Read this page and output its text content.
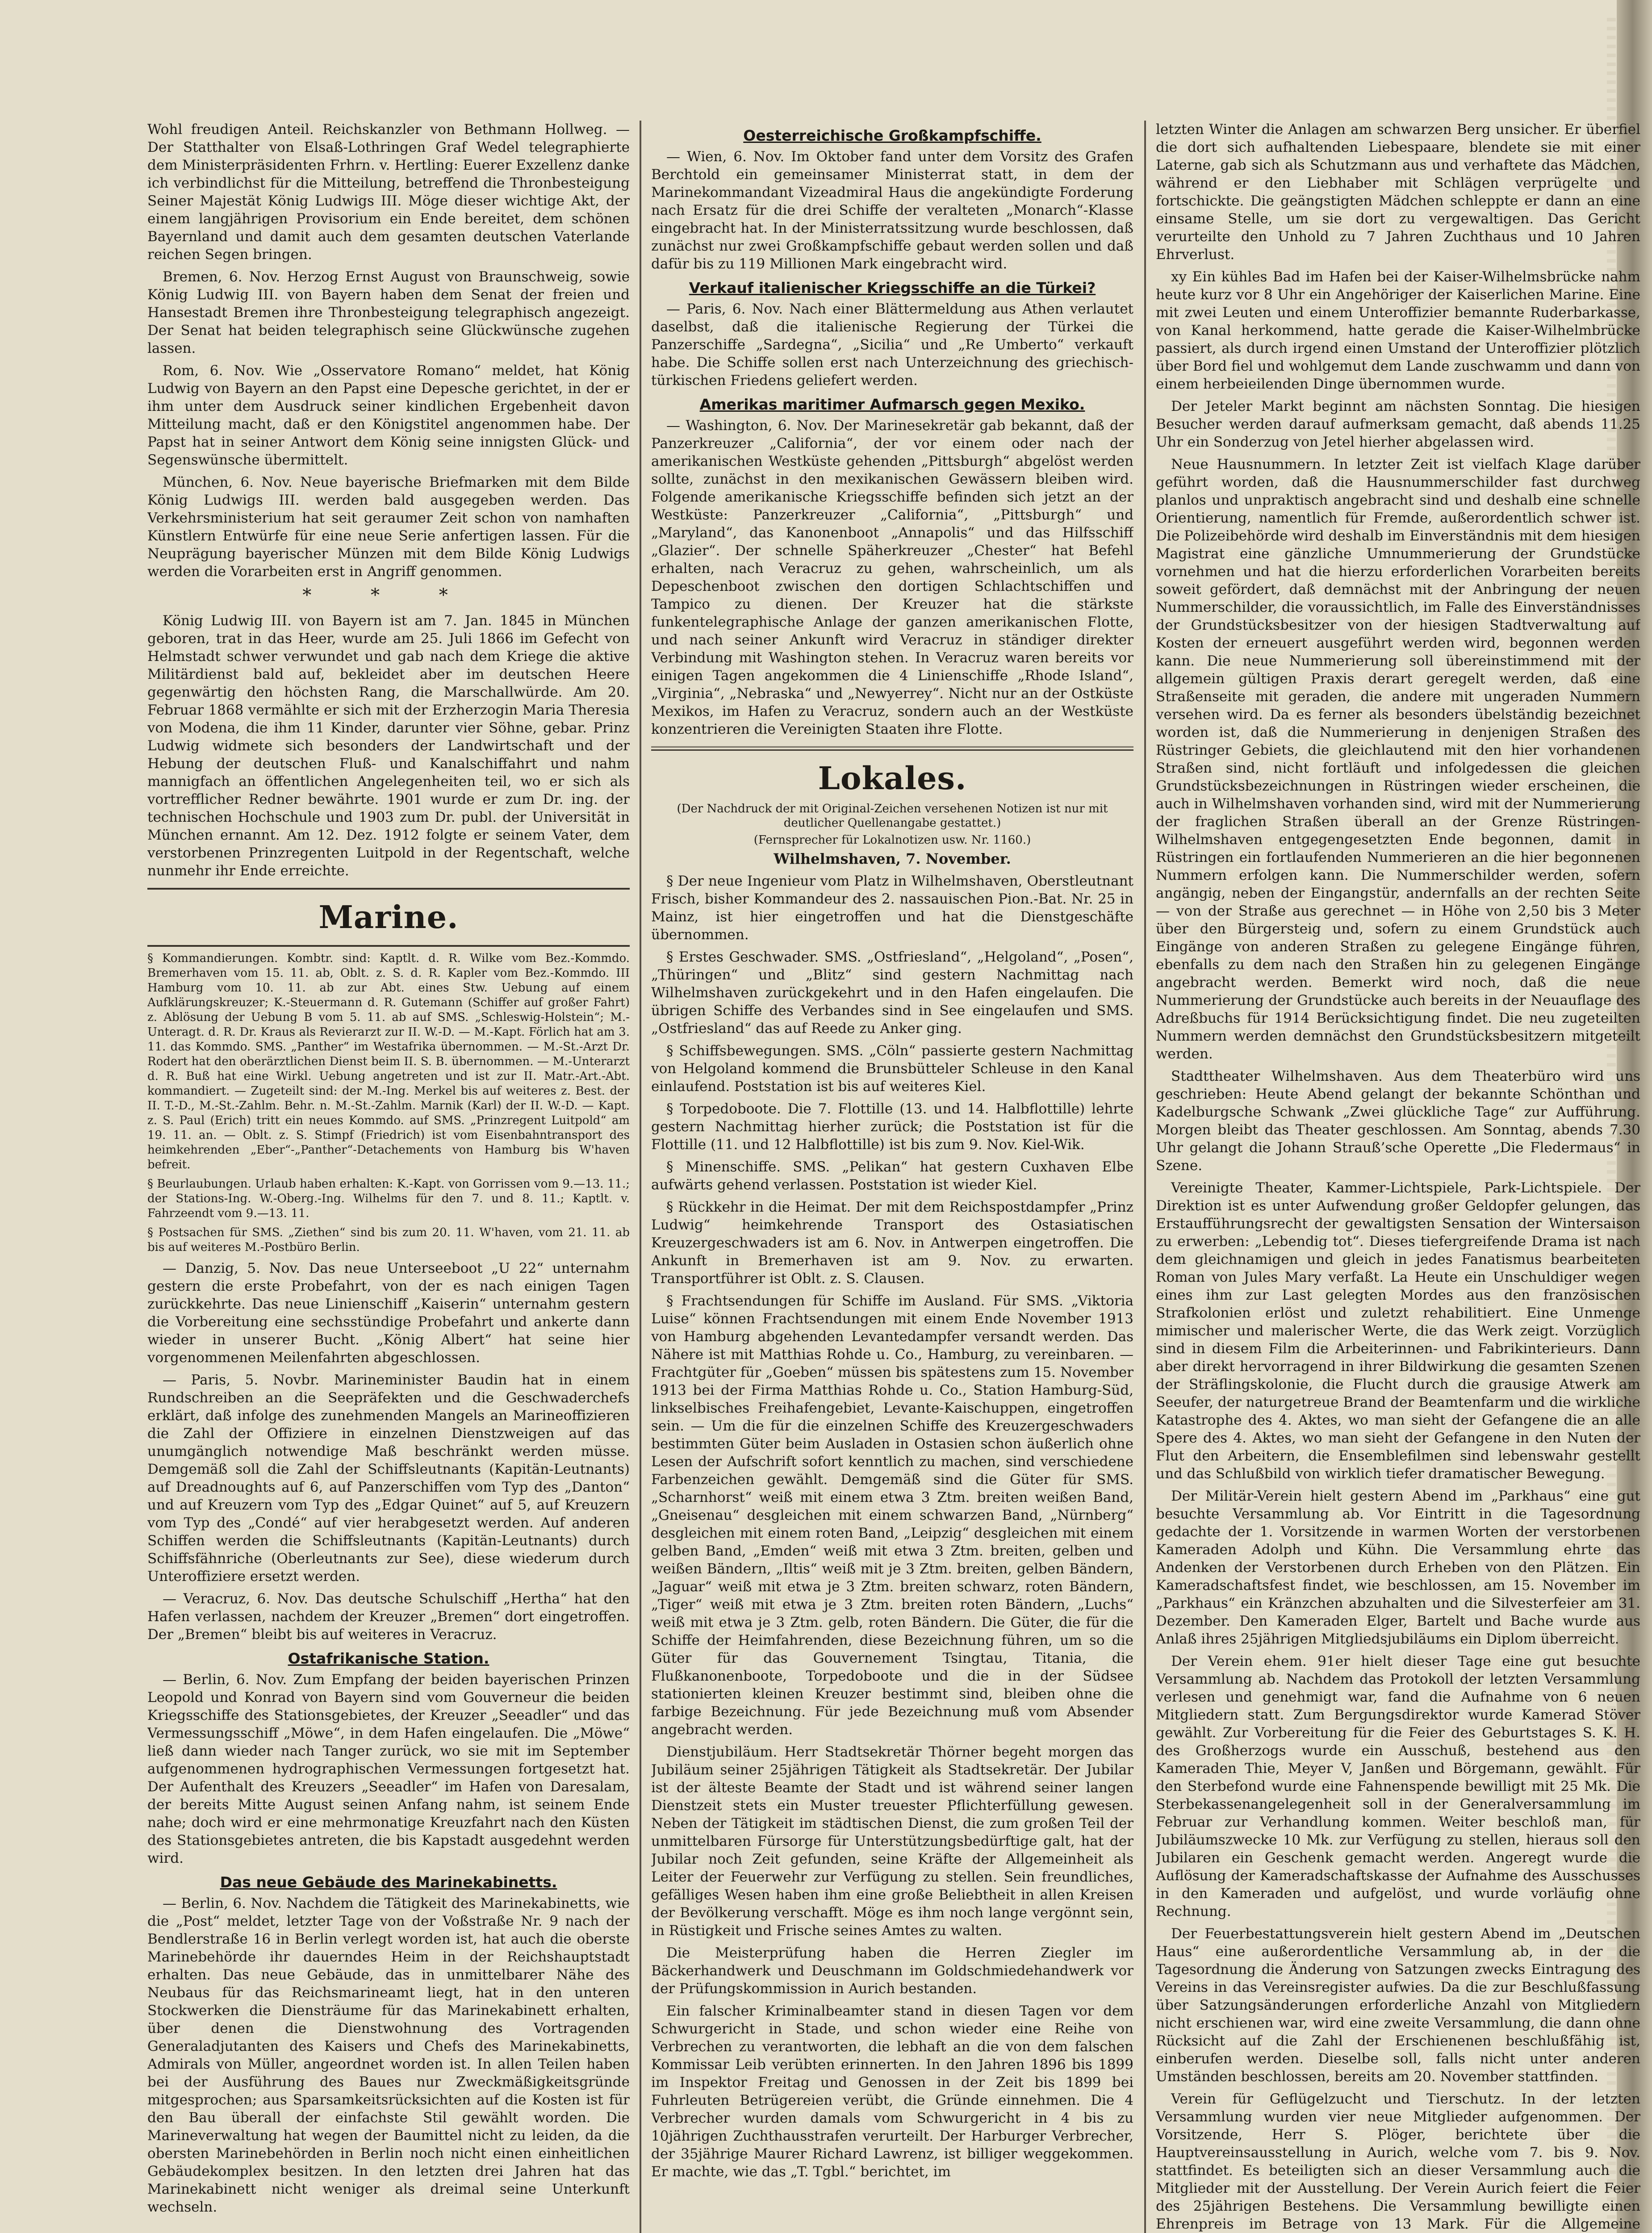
Wohl freudigen Anteil. Reichskanzler von Bethmann Hollweg. — Der Statthalter von Elsaß-Lothringen Graf Wedel telegraphierte dem Ministerpräsidenten Frhrn. v. Hertling: Euerer Exzellenz danke ich verbindlichst für die Mitteilung, betreffend die Thronbesteigung Seiner Majestät König Ludwigs III. Möge dieser wichtige Akt, der einem langjährigen Provisorium ein Ende bereitet, dem schönen Bayernland und damit auch dem gesamten deutschen Vaterlande reichen Segen bringen.

Bremen, 6. Nov. Herzog Ernst August von Braunschweig, sowie König Ludwig III. von Bayern haben dem Senat der freien und Hansestadt Bremen ihre Thronbesteigung telegraphisch angezeigt. Der Senat hat beiden telegraphisch seine Glückwünsche zugehen lassen.

Rom, 6. Nov. Wie „Osservatore Romano“ meldet, hat König Ludwig von Bayern an den Papst eine Depesche gerichtet, in der er ihm unter dem Ausdruck seiner kindlichen Ergebenheit davon Mitteilung macht, daß er den Königstitel angenommen habe. Der Papst hat in seiner Antwort dem König seine innigsten Glück- und Segenswünsche übermittelt.

München, 6. Nov. Neue bayerische Briefmarken mit dem Bilde König Ludwigs III. werden bald ausgegeben werden. Das Verkehrsministerium hat seit geraumer Zeit schon von namhaften Künstlern Entwürfe für eine neue Serie anfertigen lassen. Für die Neuprägung bayerischer Münzen mit dem Bilde König Ludwigs werden die Vorarbeiten erst in Angriff genommen.

* * *

König Ludwig III. von Bayern ist am 7. Jan. 1845 in München geboren, trat in das Heer, wurde am 25. Juli 1866 im Gefecht von Helmstadt schwer verwundet und gab nach dem Kriege die aktive Militärdienst bald auf, bekleidet aber im deutschen Heere gegenwärtig den höchsten Rang, die Marschallwürde. Am 20. Februar 1868 vermählte er sich mit der Erzherzogin Maria Theresia von Modena, die ihm 11 Kinder, darunter vier Söhne, gebar. Prinz Ludwig widmete sich besonders der Landwirtschaft und der Hebung der deutschen Fluß- und Kanalschiffahrt und nahm mannigfach an öffentlichen Angelegenheiten teil, wo er sich als vortrefflicher Redner bewährte. 1901 wurde er zum Dr. ing. der technischen Hochschule und 1903 zum Dr. publ. der Universität in München ernannt. Am 12. Dez. 1912 folgte er seinem Vater, dem verstorbenen Prinzregenten Luitpold in der Regentschaft, welche nunmehr ihr Ende erreichte.

Marine.

§ Kommandierungen. Kombtr. sind: Kaptlt. d. R. Wilke vom Bez.-Kommdo. Bremerhaven vom 15. 11. ab, Oblt. z. S. d. R. Kapler vom Bez.-Kommdo. III Hamburg vom 10. 11. ab zur Abt. eines Stw. Uebung auf einem Aufklärungskreuzer; K.-Steuermann d. R. Gutemann (Schiffer auf großer Fahrt) z. Ablösung der Uebung B vom 5. 11. ab auf SMS. „Schleswig-Holstein“; M.-Unteragt. d. R. Dr. Kraus als Revierarzt zur II. W.-D. — M.-Kapt. Förlich hat am 3. 11. das Kommdo. SMS. „Panther“ im Westafrika übernommen. — M.-St.-Arzt Dr. Rodert hat den oberärztlichen Dienst beim II. S. B. übernommen. — M.-Unterarzt d. R. Buß hat eine Wirkl. Uebung angetreten und ist zur II. Matr.-Art.-Abt. kommandiert. — Zugeteilt sind: der M.-Ing. Merkel bis auf weiteres z. Best. der II. T.-D., M.-St.-Zahlm. Behr. n. M.-St.-Zahlm. Marnik (Karl) der II. W.-D. — Kapt. z. S. Paul (Erich) tritt ein neues Kommdo. auf SMS. „Prinzregent Luitpold“ am 19. 11. an. — Oblt. z. S. Stimpf (Friedrich) ist vom Eisenbahntransport des heimkehrenden „Eber“-„Panther“-Detachements von Hamburg bis W'haven befreit.

§ Beurlaubungen. Urlaub haben erhalten: K.-Kapt. von Gorrissen vom 9.—13. 11.; der Stations-Ing. W.-Oberg.-Ing. Wilhelms für den 7. und 8. 11.; Kaptlt. v. Fahrzeendt vom 9.—13. 11.

§ Postsachen für SMS. „Ziethen“ sind bis zum 20. 11. W'haven, vom 21. 11. ab bis auf weiteres M.-Postbüro Berlin.

— Danzig, 5. Nov. Das neue Unterseeboot „U 22“ unternahm gestern die erste Probefahrt, von der es nach einigen Tagen zurückkehrte. Das neue Linienschiff „Kaiserin“ unternahm gestern die Vorbereitung eine sechsstündige Probefahrt und ankerte dann wieder in unserer Bucht. „König Albert“ hat seine hier vorgenommenen Meilenfahrten abgeschlossen.

— Paris, 5. Novbr. Marineminister Baudin hat in einem Rundschreiben an die Seepräfekten und die Geschwaderchefs erklärt, daß infolge des zunehmenden Mangels an Marineoffizieren die Zahl der Offiziere in einzelnen Dienstzweigen auf das unumgänglich notwendige Maß beschränkt werden müsse. Demgemäß soll die Zahl der Schiffsleutnants (Kapitän-Leutnants) auf Dreadnoughts auf 6, auf Panzerschiffen vom Typ des „Danton“ und auf Kreuzern vom Typ des „Edgar Quinet“ auf 5, auf Kreuzern vom Typ des „Condé“ auf vier herabgesetzt werden. Auf anderen Schiffen werden die Schiffsleutnants (Kapitän-Leutnants) durch Schiffsfähnriche (Oberleutnants zur See), diese wiederum durch Unteroffiziere ersetzt werden.

— Veracruz, 6. Nov. Das deutsche Schulschiff „Hertha“ hat den Hafen verlassen, nachdem der Kreuzer „Bremen“ dort eingetroffen. Der „Bremen“ bleibt bis auf weiteres in Veracruz.

Ostafrikanische Station.

— Berlin, 6. Nov. Zum Empfang der beiden bayerischen Prinzen Leopold und Konrad von Bayern sind vom Gouverneur die beiden Kriegsschiffe des Stationsgebietes, der Kreuzer „Seeadler“ und das Vermessungsschiff „Möwe“, in dem Hafen eingelaufen. Die „Möwe“ ließ dann wieder nach Tanger zurück, wo sie mit im September aufgenommenen hydrographischen Vermessungen fortgesetzt hat. Der Aufenthalt des Kreuzers „Seeadler“ im Hafen von Daresalam, der bereits Mitte August seinen Anfang nahm, ist seinem Ende nahe; doch wird er eine mehrmonatige Kreuzfahrt nach den Küsten des Stationsgebietes antreten, die bis Kapstadt ausgedehnt werden wird.

Das neue Gebäude des Marinekabinetts.

— Berlin, 6. Nov. Nachdem die Tätigkeit des Marinekabinetts, wie die „Post“ meldet, letzter Tage von der Voßstraße Nr. 9 nach der Bendlerstraße 16 in Berlin verlegt worden ist, hat auch die oberste Marinebehörde ihr dauerndes Heim in der Reichshauptstadt erhalten. Das neue Gebäude, das in unmittelbarer Nähe des Neubaus für das Reichsmarineamt liegt, hat in den unteren Stockwerken die Diensträume für das Marinekabinett erhalten, über denen die Dienstwohnung des Vortragenden Generaladjutanten des Kaisers und Chefs des Marinekabinetts, Admirals von Müller, angeordnet worden ist. In allen Teilen haben bei der Ausführung des Baues nur Zweckmäßigkeitsgründe mitgesprochen; aus Sparsamkeitsrücksichten auf die Kosten ist für den Bau überall der einfachste Stil gewählt worden. Die Marineverwaltung hat wegen der Baumittel nicht zu leiden, da die obersten Marinebehörden in Berlin noch nicht einen einheitlichen Gebäudekomplex besitzen. In den letzten drei Jahren hat das Marinekabinett nicht weniger als dreimal seine Unterkunft wechseln.

Oesterreichische Großkampfschiffe.

— Wien, 6. Nov. Im Oktober fand unter dem Vorsitz des Grafen Berchtold ein gemeinsamer Ministerrat statt, in dem der Marinekommandant Vizeadmiral Haus die angekündigte Forderung nach Ersatz für die drei Schiffe der veralteten „Monarch“-Klasse eingebracht hat. In der Ministerratssitzung wurde beschlossen, daß zunächst nur zwei Großkampfschiffe gebaut werden sollen und daß dafür bis zu 119 Millionen Mark eingebracht wird.

Verkauf italienischer Kriegsschiffe an die Türkei?

— Paris, 6. Nov. Nach einer Blättermeldung aus Athen verlautet daselbst, daß die italienische Regierung der Türkei die Panzerschiffe „Sardegna“, „Sicilia“ und „Re Umberto“ verkauft habe. Die Schiffe sollen erst nach Unterzeichnung des griechisch-türkischen Friedens geliefert werden.

Amerikas maritimer Aufmarsch gegen Mexiko.

— Washington, 6. Nov. Der Marinesekretär gab bekannt, daß der Panzerkreuzer „California“, der vor einem oder nach der amerikanischen Westküste gehenden „Pittsburgh“ abgelöst werden sollte, zunächst in den mexikanischen Gewässern bleiben wird. Folgende amerikanische Kriegsschiffe befinden sich jetzt an der Westküste: Panzerkreuzer „California“, „Pittsburgh“ und „Maryland“, das Kanonenboot „Annapolis“ und das Hilfsschiff „Glazier“. Der schnelle Späherkreuzer „Chester“ hat Befehl erhalten, nach Veracruz zu gehen, wahrscheinlich, um als Depeschenboot zwischen den dortigen Schlachtschiffen und Tampico zu dienen. Der Kreuzer hat die stärkste funkentelegraphische Anlage der ganzen amerikanischen Flotte, und nach seiner Ankunft wird Veracruz in ständiger direkter Verbindung mit Washington stehen. In Veracruz waren bereits vor einigen Tagen angekommen die 4 Linienschiffe „Rhode Island“, „Virginia“, „Nebraska“ und „Newyerrey“. Nicht nur an der Ostküste Mexikos, im Hafen zu Veracruz, sondern auch an der Westküste konzentrieren die Vereinigten Staaten ihre Flotte.

Lokales.
(Der Nachdruck der mit Original-Zeichen versehenen Notizen ist nur mit deutlicher Quellenangabe gestattet.)
(Fernsprecher für Lokalnotizen usw. Nr. 1160.)
Wilhelmshaven, 7. November.

§ Der neue Ingenieur vom Platz in Wilhelmshaven, Oberstleutnant Frisch, bisher Kommandeur des 2. nassauischen Pion.-Bat. Nr. 25 in Mainz, ist hier eingetroffen und hat die Dienstgeschäfte übernommen.

§ Erstes Geschwader. SMS. „Ostfriesland“, „Helgoland“, „Posen“, „Thüringen“ und „Blitz“ sind gestern Nachmittag nach Wilhelmshaven zurückgekehrt und in den Hafen eingelaufen. Die übrigen Schiffe des Verbandes sind in See eingelaufen und SMS. „Ostfriesland“ das auf Reede zu Anker ging.

§ Schiffsbewegungen. SMS. „Cöln“ passierte gestern Nachmittag von Helgoland kommend die Brunsbütteler Schleuse in den Kanal einlaufend. Poststation ist bis auf weiteres Kiel.

§ Torpedoboote. Die 7. Flottille (13. und 14. Halbflottille) lehrte gestern Nachmittag hierher zurück; die Poststation ist für die Flottille (11. und 12 Halbflottille) ist bis zum 9. Nov. Kiel-Wik.

§ Minenschiffe. SMS. „Pelikan“ hat gestern Cuxhaven Elbe aufwärts gehend verlassen. Poststation ist wieder Kiel.

§ Rückkehr in die Heimat. Der mit dem Reichspostdampfer „Prinz Ludwig“ heimkehrende Transport des Ostasiatischen Kreuzergeschwaders ist am 6. Nov. in Antwerpen eingetroffen. Die Ankunft in Bremerhaven ist am 9. Nov. zu erwarten. Transportführer ist Oblt. z. S. Clausen.

§ Frachtsendungen für Schiffe im Ausland. Für SMS. „Viktoria Luise“ können Frachtsendungen mit einem Ende November 1913 von Hamburg abgehenden Levantedampfer versandt werden. Das Nähere ist mit Matthias Rohde u. Co., Hamburg, zu vereinbaren. — Frachtgüter für „Goeben“ müssen bis spätestens zum 15. November 1913 bei der Firma Matthias Rohde u. Co., Station Hamburg-Süd, linkselbisches Freihafengebiet, Levante-Kaischuppen, eingetroffen sein. — Um die für die einzelnen Schiffe des Kreuzergeschwaders bestimmten Güter beim Ausladen in Ostasien schon äußerlich ohne Lesen der Aufschrift sofort kenntlich zu machen, sind verschiedene Farbenzeichen gewählt. Demgemäß sind die Güter für SMS. „Scharnhorst“ weiß mit einem etwa 3 Ztm. breiten weißen Band, „Gneisenau“ desgleichen mit einem schwarzen Band, „Nürnberg“ desgleichen mit einem roten Band, „Leipzig“ desgleichen mit einem gelben Band, „Emden“ weiß mit etwa 3 Ztm. breiten, gelben und weißen Bändern, „Iltis“ weiß mit je 3 Ztm. breiten, gelben Bändern, „Jaguar“ weiß mit etwa je 3 Ztm. breiten schwarz, roten Bändern, „Tiger“ weiß mit etwa je 3 Ztm. breiten roten Bändern, „Luchs“ weiß mit etwa je 3 Ztm. gelb, roten Bändern. Die Güter, die für die Schiffe der Heimfahrenden, diese Bezeichnung führen, um so die Güter für das Gouvernement Tsingtau, Titania, die Flußkanonenboote, Torpedoboote und die in der Südsee stationierten kleinen Kreuzer bestimmt sind, bleiben ohne die farbige Bezeichnung. Für jede Bezeichnung muß vom Absender angebracht werden.

Dienstjubiläum. Herr Stadtsekretär Thörner begeht morgen das Jubiläum seiner 25jährigen Tätigkeit als Stadtsekretär. Der Jubilar ist der älteste Beamte der Stadt und ist während seiner langen Dienstzeit stets ein Muster treuester Pflichterfüllung gewesen. Neben der Tätigkeit im städtischen Dienst, die zum großen Teil der unmittelbaren Fürsorge für Unterstützungsbedürftige galt, hat der Jubilar noch Zeit gefunden, seine Kräfte der Allgemeinheit als Leiter der Feuerwehr zur Verfügung zu stellen. Sein freundliches, gefälliges Wesen haben ihm eine große Beliebtheit in allen Kreisen der Bevölkerung verschafft. Möge es ihm noch lange vergönnt sein, in Rüstigkeit und Frische seines Amtes zu walten.

Die Meisterprüfung haben die Herren Ziegler im Bäckerhandwerk und Deuschmann im Goldschmiedehandwerk vor der Prüfungskommission in Aurich bestanden.

Ein falscher Kriminalbeamter stand in diesen Tagen vor dem Schwurgericht in Stade, und schon wieder eine Reihe von Verbrechen zu verantworten, die lebhaft an die von dem falschen Kommissar Leib verübten erinnerten. In den Jahren 1896 bis 1899 im Inspektor Freitag und Genossen in der Zeit bis 1899 bei Fuhrleuten Betrügereien verübt, die Gründe einnehmen. Die 4 Verbrecher wurden damals vom Schwurgericht in 4 bis zu 10jährigen Zuchthausstrafen verurteilt. Der Harburger Verbrecher, der 35jährige Maurer Richard Lawrenz, ist billiger weggekommen. Er machte, wie das „T. Tgbl.“ berichtet, im

letzten Winter die Anlagen am schwarzen Berg unsicher. Er überfiel die dort sich aufhaltenden Liebespaare, blendete sie mit einer Laterne, gab sich als Schutzmann aus und verhaftete das Mädchen, während er den Liebhaber mit Schlägen verprügelte und fortschickte. Die geängstigten Mädchen schleppte er dann an eine einsame Stelle, um sie dort zu vergewaltigen. Das Gericht verurteilte den Unhold zu 7 Jahren Zuchthaus und 10 Jahren Ehrverlust.

xy Ein kühles Bad im Hafen bei der Kaiser-Wilhelmsbrücke nahm heute kurz vor 8 Uhr ein Angehöriger der Kaiserlichen Marine. Eine mit zwei Leuten und einem Unteroffizier bemannte Ruderbarkasse, von Kanal herkommend, hatte gerade die Kaiser-Wilhelmbrücke passiert, als durch irgend einen Umstand der Unteroffizier plötzlich über Bord fiel und wohlgemut dem Lande zuschwamm und dann von einem herbeieilenden Dinge übernommen wurde.

Der Jeteler Markt beginnt am nächsten Sonntag. Die hiesigen Besucher werden darauf aufmerksam gemacht, daß abends 11.25 Uhr ein Sonderzug von Jetel hierher abgelassen wird.

Neue Hausnummern. In letzter Zeit ist vielfach Klage darüber geführt worden, daß die Hausnummerschilder fast durchweg planlos und unpraktisch angebracht sind und deshalb eine schnelle Orientierung, namentlich für Fremde, außerordentlich schwer ist. Die Polizeibehörde wird deshalb im Einverständnis mit dem hiesigen Magistrat eine gänzliche Umnummerierung der Grundstücke vornehmen und hat die hierzu erforderlichen Vorarbeiten bereits soweit gefördert, daß demnächst mit der Anbringung der neuen Nummerschilder, die voraussichtlich, im Falle des Einverständnisses der Grundstücksbesitzer von der hiesigen Stadtverwaltung auf Kosten der erneuert ausgeführt werden wird, begonnen werden kann. Die neue Nummerierung soll übereinstimmend mit der allgemein gültigen Praxis derart geregelt werden, daß eine Straßenseite mit geraden, die andere mit ungeraden Nummern versehen wird. Da es ferner als besonders übelständig bezeichnet worden ist, daß die Nummerierung in denjenigen Straßen des Rüstringer Gebiets, die gleichlautend mit den hier vorhandenen Straßen sind, nicht fortläuft und infolgedessen die gleichen Grundstücksbezeichnungen in Rüstringen wieder erscheinen, die auch in Wilhelmshaven vorhanden sind, wird mit der Nummerierung der fraglichen Straßen überall an der Grenze Rüstringen-Wilhelmshaven entgegengesetzten Ende begonnen, damit in Rüstringen ein fortlaufenden Nummerieren an die hier begonnenen Nummern erfolgen kann. Die Nummerschilder werden, sofern angängig, neben der Eingangstür, andernfalls an der rechten Seite — von der Straße aus gerechnet — in Höhe von 2,50 bis 3 Meter über den Bürgersteig und, sofern zu einem Grundstück auch Eingänge von anderen Straßen zu gelegene Eingänge führen, ebenfalls zu dem nach den Straßen hin zu gelegenen Eingänge angebracht werden. Bemerkt wird noch, daß die neue Nummerierung der Grundstücke auch bereits in der Neuauflage des Adreßbuchs für 1914 Berücksichtigung findet. Die neu zugeteilten Nummern werden demnächst den Grundstücksbesitzern mitgeteilt werden.

Stadttheater Wilhelmshaven. Aus dem Theaterbüro wird uns geschrieben: Heute Abend gelangt der bekannte Schönthan und Kadelburgsche Schwank „Zwei glückliche Tage“ zur Aufführung. Morgen bleibt das Theater geschlossen. Am Sonntag, abends 7.30 Uhr gelangt die Johann Strauß’sche Operette „Die Fledermaus“ in Szene.

Vereinigte Theater, Kammer-Lichtspiele, Park-Lichtspiele. Der Direktion ist es unter Aufwendung großer Geldopfer gelungen, das Erstaufführungsrecht der gewaltigsten Sensation der Wintersaison zu erwerben: „Lebendig tot“. Dieses tiefergreifende Drama ist nach dem gleichnamigen und gleich in jedes Fanatismus bearbeiteten Roman von Jules Mary verfaßt. La Heute ein Unschuldiger wegen eines ihm zur Last gelegten Mordes aus den französischen Strafkolonien erlöst und zuletzt rehabilitiert. Eine Unmenge mimischer und malerischer Werte, die das Werk zeigt. Vorzüglich sind in diesem Film die Arbeiterinnen- und Fabrikinterieurs. Dann aber direkt hervorragend in ihrer Bildwirkung die gesamten Szenen der Sträflingskolonie, die Flucht durch die grausige Atwerk am Seeufer, der naturgetreue Brand der Beamtenfarm und die wirkliche Katastrophe des 4. Aktes, wo man sieht der Gefangene die an alle Spere des 4. Aktes, wo man sieht der Gefangene in den Nuten der Flut den Arbeitern, die Ensemblefilmen sind lebenswahr gestellt und das Schlußbild von wirklich tiefer dramatischer Bewegung.

Der Militär-Verein hielt gestern Abend im „Parkhaus“ eine gut besuchte Versammlung ab. Vor Eintritt in die Tagesordnung gedachte der 1. Vorsitzende in warmen Worten der verstorbenen Kameraden Adolph und Kühn. Die Versammlung ehrte das Andenken der Verstorbenen durch Erheben von den Plätzen. Ein Kameradschaftsfest findet, wie beschlossen, am 15. November im „Parkhaus“ ein Kränzchen abzuhalten und die Silvesterfeier am 31. Dezember. Den Kameraden Elger, Bartelt und Bache wurde aus Anlaß ihres 25jährigen Mitgliedsjubiläums ein Diplom überreicht.

Der Verein ehem. 91er hielt dieser Tage eine gut besuchte Versammlung ab. Nachdem das Protokoll der letzten Versammlung verlesen und genehmigt war, fand die Aufnahme von 6 neuen Mitgliedern statt. Zum Bergungsdirektor wurde Kamerad Stöver gewählt. Zur Vorbereitung für die Feier des Geburtstages S. K. H. des Großherzogs wurde ein Ausschuß, bestehend aus den Kameraden Thie, Meyer V, Janßen und Börgemann, gewählt. Für den Sterbefond wurde eine Fahnenspende bewilligt mit 25 Mk. Die Sterbekassenangelegenheit soll in der Generalversammlung im Februar zur Verhandlung kommen. Weiter beschloß man, für Jubiläumszwecke 10 Mk. zur Verfügung zu stellen, hieraus soll den Jubilaren ein Geschenk gemacht werden. Angeregt wurde die Auflösung der Kameradschaftskasse der Aufnahme des Ausschusses in den Kameraden und aufgelöst, und wurde vorläufig ohne Rechnung.

Der Feuerbestattungsverein hielt gestern Abend im „Deutschen Haus“ eine außerordentliche Versammlung ab, in der die Tagesordnung die Änderung von Satzungen zwecks Eintragung des Vereins in das Vereinsregister aufwies. Da die zur Beschlußfassung über Satzungsänderungen erforderliche Anzahl von Mitgliedern nicht erschienen war, wird eine zweite Versammlung, die dann ohne Rücksicht auf die Zahl der Erschienenen beschlußfähig ist, einberufen werden. Dieselbe soll, falls nicht unter anderen Umständen beschlossen, bereits am 20. November stattfinden.

Verein für Geflügelzucht und Tierschutz. In der letzten Versammlung wurden vier neue Mitglieder aufgenommen. Der Vorsitzende, Herr S. Plöger, berichtete über die Hauptvereinsausstellung in Aurich, welche vom 7. bis 9. Nov. stattfindet. Es beteiligten sich an dieser Versammlung auch die Mitglieder mit der Ausstellung. Der Verein Aurich feiert die Feier des 25jährigen Bestehens. Die Versammlung bewilligte einen Ehrenpreis im Betrage von 13 Mark. Für die Allgemeine
